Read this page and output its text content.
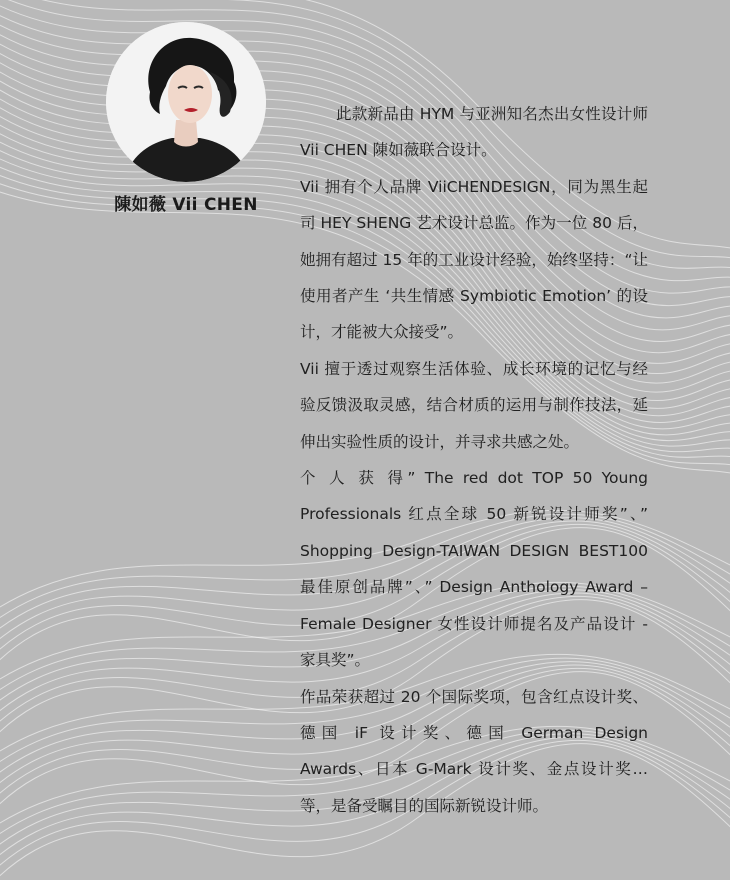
陳如薇 Vii CHEN

此款新品由 HYM 与亚洲知名杰出女性设计师 Vii CHEN 陳如薇联合设计。

Vii 拥有个人品牌 ViiCHENDESIGN，同为黑生起司 HEY SHENG 艺术设计总监。作为一位 80 后，她拥有超过 15 年的工业设计经验，始终坚持：“让使用者产生 ‘共生情感 Symbiotic Emotion’ 的设计，才能被大众接受”。

Vii 擅于透过观察生活体验、成长环境的记忆与经验反馈汲取灵感，结合材质的运用与制作技法，延伸出实验性质的设计，并寻求共感之处。

个 人 获 得” The red dot TOP 50 Young Professionals 红点全球 50 新锐设计师奖”、” Shopping Design-TAIWAN DESIGN BEST100 最佳原创品牌”、” Design Anthology Award – Female Designer 女性设计师提名及产品设计 - 家具奖”。

作品荣获超过 20 个国际奖项，包含红点设计奖、德国 iF 设计奖、德国 German Design Awards、日本 G-Mark 设计奖、金点设计奖…等，是备受瞩目的国际新锐设计师。
